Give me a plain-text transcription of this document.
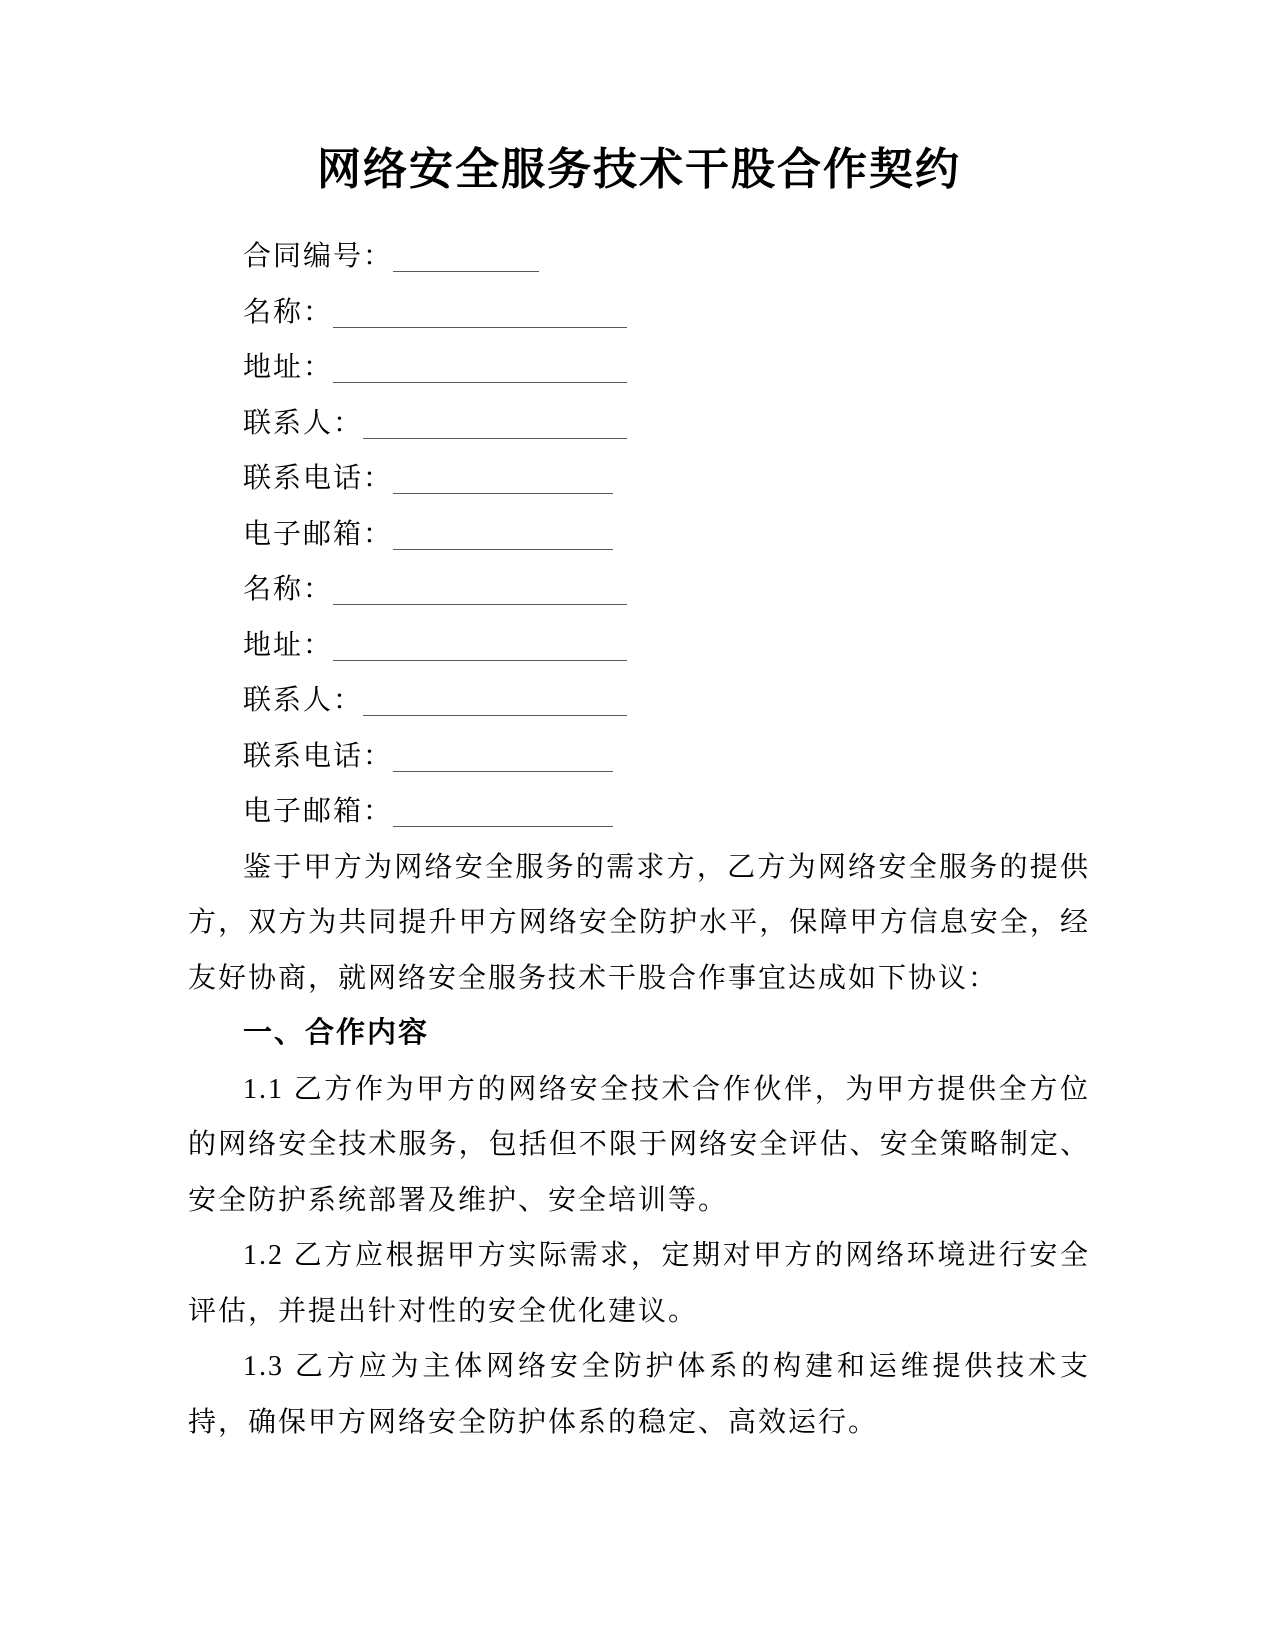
网络安全服务技术干股合作契约
合同编号：
名称：
地址：
联系人：
联系电话：
电子邮箱：
名称：
地址：
联系人：
联系电话：
电子邮箱：

鉴于甲方为网络安全服务的需求方，乙方为网络安全服务的提供方，双方为共同提升甲方网络安全防护水平，保障甲方信息安全，经友好协商，就网络安全服务技术干股合作事宜达成如下协议：

一、合作内容

1.1 乙方作为甲方的网络安全技术合作伙伴，为甲方提供全方位的网络安全技术服务，包括但不限于网络安全评估、安全策略制定、安全防护系统部署及维护、安全培训等。

1.2 乙方应根据甲方实际需求，定期对甲方的网络环境进行安全评估，并提出针对性的安全优化建议。

1.3 乙方应为主体网络安全防护体系的构建和运维提供技术支持，确保甲方网络安全防护体系的稳定、高效运行。
